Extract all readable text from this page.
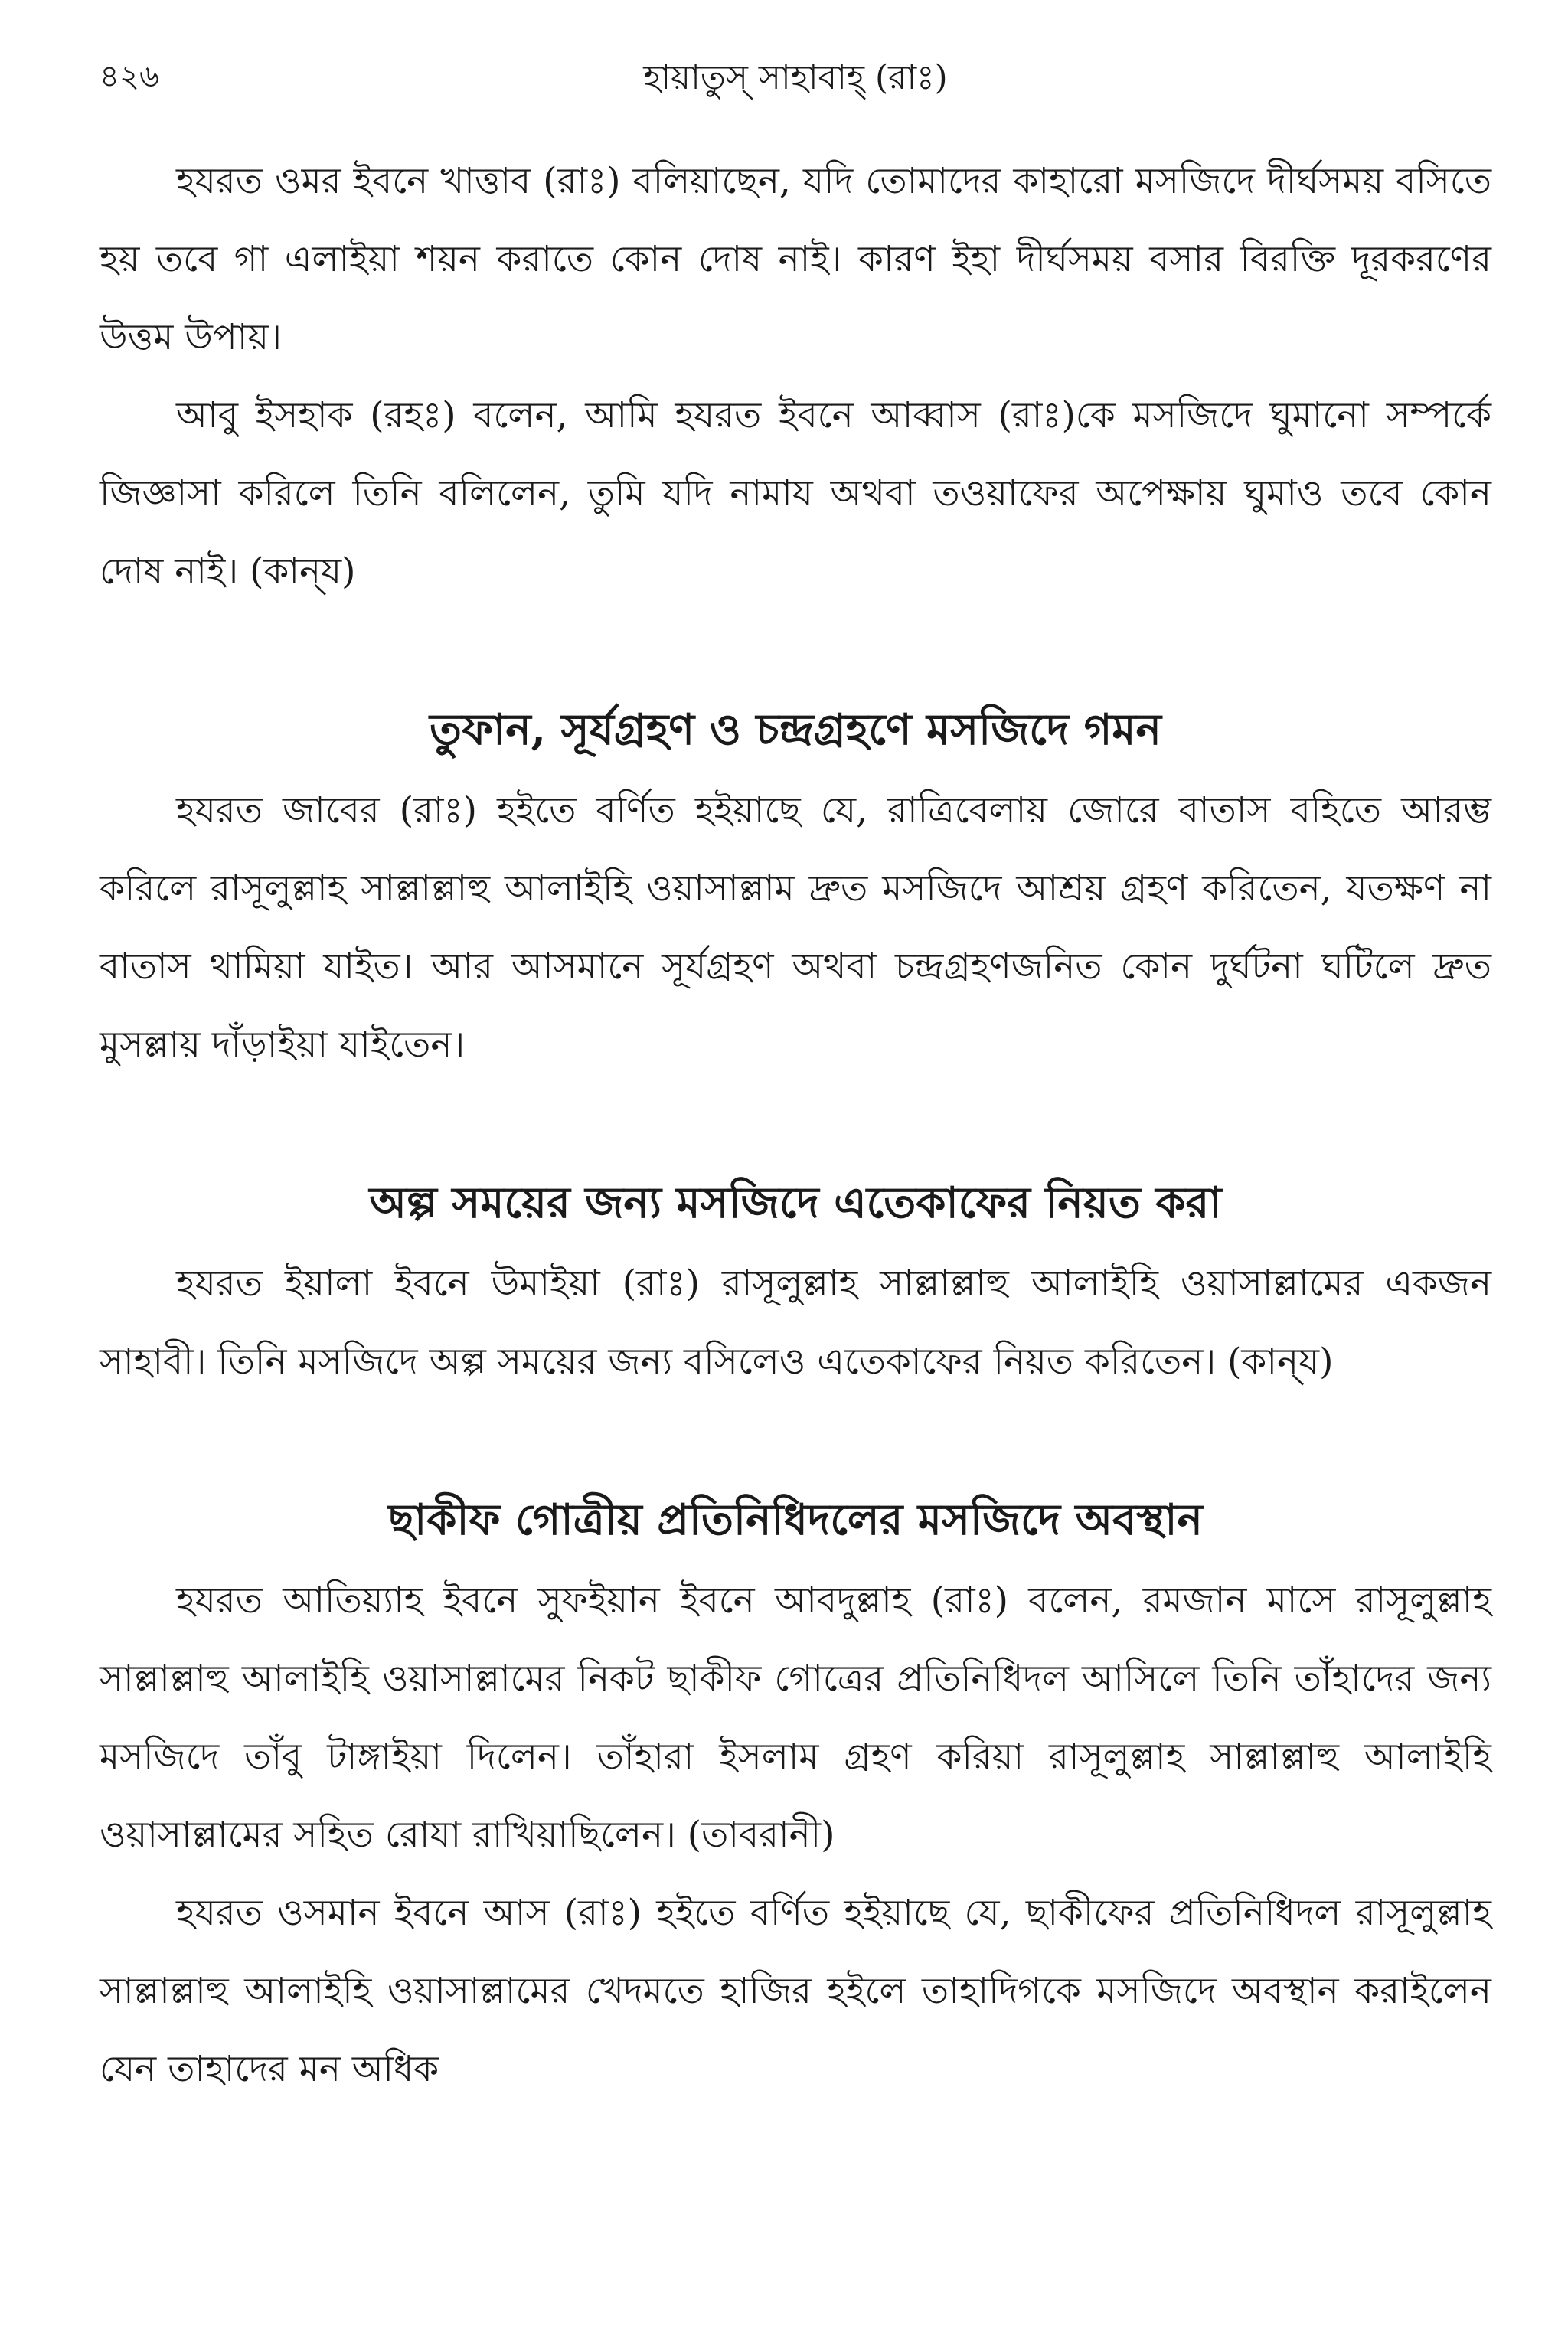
৪২৬	হায়াতুস্ সাহাবাহ্ (রাঃ)

হযরত ওমর ইবনে খাত্তাব (রাঃ) বলিয়াছেন, যদি তোমাদের কাহারো মসজিদে দীর্ঘসময় বসিতে হয় তবে গা এলাইয়া শয়ন করাতে কোন দোষ নাই। কারণ ইহা দীর্ঘসময় বসার বিরক্তি দূরকরণের উত্তম উপায়।

আবু ইসহাক (রহঃ) বলেন, আমি হযরত ইবনে আব্বাস (রাঃ)কে মসজিদে ঘুমানো সম্পর্কে জিজ্ঞাসা করিলে তিনি বলিলেন, তুমি যদি নামায অথবা তওয়াফের অপেক্ষায় ঘুমাও তবে কোন দোষ নাই। (কান্‌য)

তুফান, সূর্যগ্রহণ ও চন্দ্রগ্রহণে মসজিদে গমন

হযরত জাবের (রাঃ) হইতে বর্ণিত হইয়াছে যে, রাত্রিবেলায় জোরে বাতাস বহিতে আরম্ভ করিলে রাসূলুল্লাহ সাল্লাল্লাহু আলাইহি ওয়াসাল্লাম দ্রুত মসজিদে আশ্রয় গ্রহণ করিতেন, যতক্ষণ না বাতাস থামিয়া যাইত। আর আসমানে সূর্যগ্রহণ অথবা চন্দ্রগ্রহণজনিত কোন দুর্ঘটনা ঘটিলে দ্রুত মুসল্লায় দাঁড়াইয়া যাইতেন।

অল্প সময়ের জন্য মসজিদে এতেকাফের নিয়ত করা

হযরত ইয়ালা ইবনে উমাইয়া (রাঃ) রাসূলুল্লাহ সাল্লাল্লাহু আলাইহি ওয়াসাল্লামের একজন সাহাবী। তিনি মসজিদে অল্প সময়ের জন্য বসিলেও এতেকাফের নিয়ত করিতেন। (কান্‌য)

ছাকীফ গোত্রীয় প্রতিনিধিদলের মসজিদে অবস্থান

হযরত আতিয়্যাহ ইবনে সুফইয়ান ইবনে আবদুল্লাহ (রাঃ) বলেন, রমজান মাসে রাসূলুল্লাহ সাল্লাল্লাহু আলাইহি ওয়াসাল্লামের নিকট ছাকীফ গোত্রের প্রতিনিধিদল আসিলে তিনি তাঁহাদের জন্য মসজিদে তাঁবু টাঙ্গাইয়া দিলেন। তাঁহারা ইসলাম গ্রহণ করিয়া রাসূলুল্লাহ সাল্লাল্লাহু আলাইহি ওয়াসাল্লামের সহিত রোযা রাখিয়াছিলেন। (তাবরানী)

হযরত ওসমান ইবনে আস (রাঃ) হইতে বর্ণিত হইয়াছে যে, ছাকীফের প্রতিনিধিদল রাসূলুল্লাহ সাল্লাল্লাহু আলাইহি ওয়াসাল্লামের খেদমতে হাজির হইলে তাহাদিগকে মসজিদে অবস্থান করাইলেন যেন তাহাদের মন অধিক
